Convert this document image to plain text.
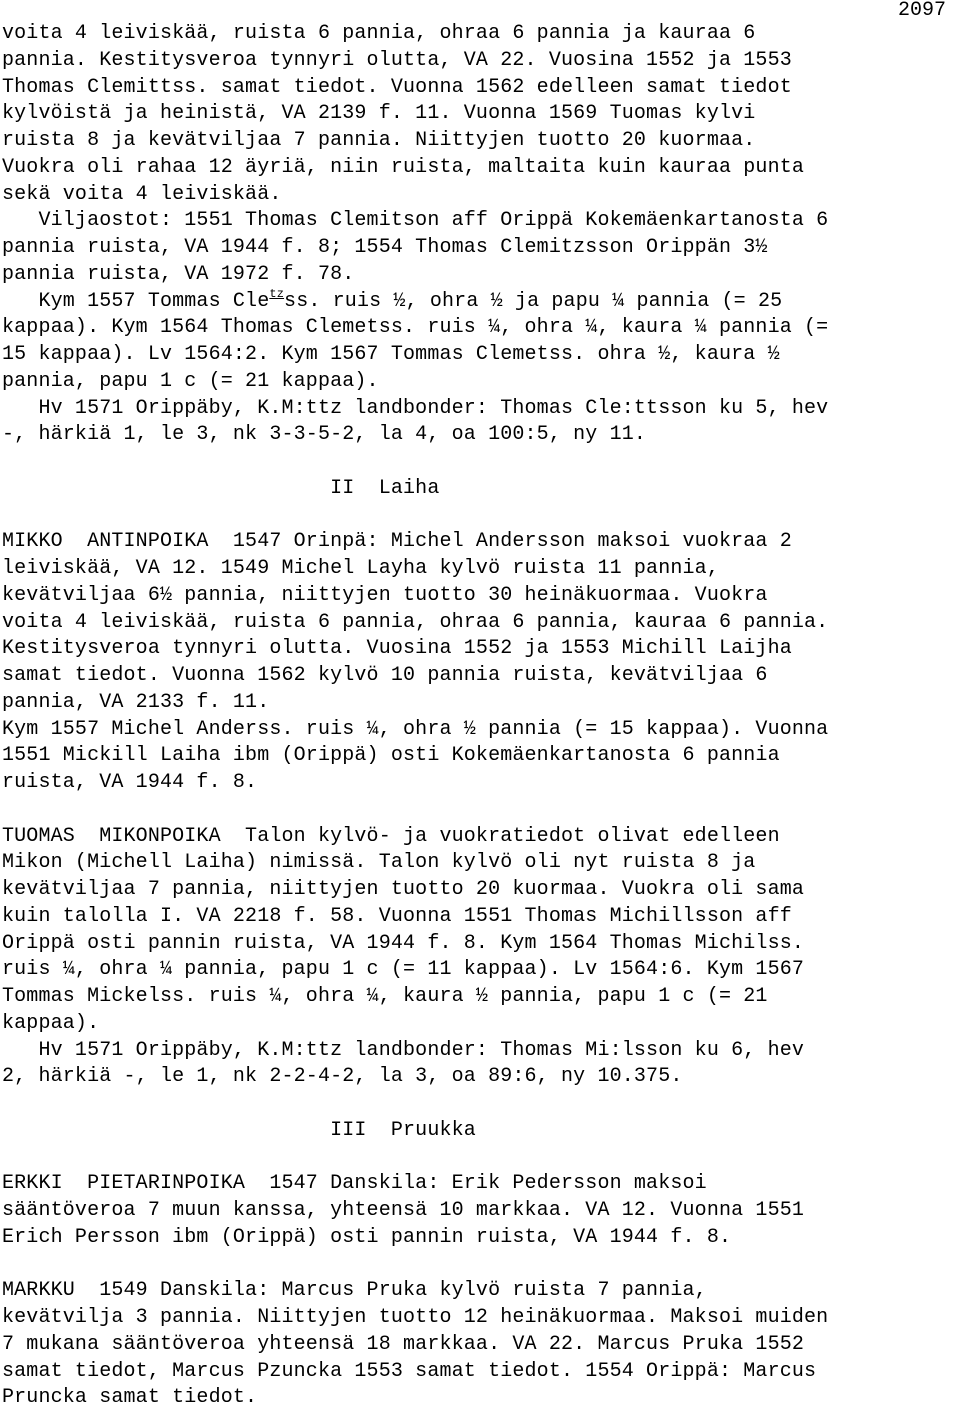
2097
voita 4 leiviskää, ruista 6 pannia, ohraa 6 pannia ja kauraa 6
pannia. Kestitysveroa tynnyri olutta, VA 22. Vuosina 1552 ja 1553
Thomas Clemittss. samat tiedot. Vuonna 1562 edelleen samat tiedot
kylvöistä ja heinistä, VA 2139 f. 11. Vuonna 1569 Tuomas kylvi
ruista 8 ja kevätviljaa 7 pannia. Niittyjen tuotto 20 kuormaa.
Vuokra oli rahaa 12 äyriä, niin ruista, maltaita kuin kauraa punta
sekä voita 4 leiviskää.
Viljaostot: 1551 Thomas Clemitson aff Orippä Kokemäenkartanosta 6
pannia ruista, VA 1944 f. 8; 1554 Thomas Clemitzsson Orippän 3½
pannia ruista, VA 1972 f. 78.
Kym 1557 Tommas Cle$^{tz}$ss. ruis ½, ohra ½ ja papu ¼ pannia (= 25
kappaa). Kym 1564 Thomas Clemetss. ruis ¼, ohra ¼, kaura ¼ pannia (=
15 kappaa). Lv 1564:2. Kym 1567 Tommas Clemetss. ohra ½, kaura ½
pannia, papu 1 c (= 21 kappaa).
Hv 1571 Orippäby, K.M:ttz landbonder: Thomas Cle:ttsson ku 5, hev
-, härkiä 1, le 3, nk 3-3-5-2, la 4, oa 100:5, ny 11.
II  Laiha
MIKKO  ANTINPOIKA  1547 Orinpä: Michel Andersson maksoi vuokraa 2
leiviskää, VA 12. 1549 Michel Layha kylvö ruista 11 pannia,
kevätviljaa 6½ pannia, niittyjen tuotto 30 heinäkuormaa. Vuokra
voita 4 leiviskää, ruista 6 pannia, ohraa 6 pannia, kauraa 6 pannia.
Kestitysveroa tynnyri olutta. Vuosina 1552 ja 1553 Michill Laijha
samat tiedot. Vuonna 1562 kylvö 10 pannia ruista, kevätviljaa 6
pannia, VA 2133 f. 11.
Kym 1557 Michel Anderss. ruis ¼, ohra ½ pannia (= 15 kappaa). Vuonna
1551 Mickill Laiha ibm (Orippä) osti Kokemäenkartanosta 6 pannia
ruista, VA 1944 f. 8.
TUOMAS  MIKONPOIKA  Talon kylvö- ja vuokratiedot olivat edelleen
Mikon (Michell Laiha) nimissä. Talon kylvö oli nyt ruista 8 ja
kevätviljaa 7 pannia, niittyjen tuotto 20 kuormaa. Vuokra oli sama
kuin talolla I. VA 2218 f. 58. Vuonna 1551 Thomas Michillsson aff
Orippä osti pannin ruista, VA 1944 f. 8. Kym 1564 Thomas Michilss.
ruis ¼, ohra ¼ pannia, papu 1 c (= 11 kappaa). Lv 1564:6. Kym 1567
Tommas Mickelss. ruis ¼, ohra ¼, kaura ½ pannia, papu 1 c (= 21
kappaa).
Hv 1571 Orippäby, K.M:ttz landbonder: Thomas Mi:lsson ku 6, hev
2, härkiä -, le 1, nk 2-2-4-2, la 3, oa 89:6, ny 10.375.
III  Pruukka
ERKKI  PIETARINPOIKA  1547 Danskila: Erik Pedersson maksoi
sääntöveroa 7 muun kanssa, yhteensä 10 markkaa. VA 12. Vuonna 1551
Erich Persson ibm (Orippä) osti pannin ruista, VA 1944 f. 8.
MARKKU  1549 Danskila: Marcus Pruka kylvö ruista 7 pannia,
kevätvilja 3 pannia. Niittyjen tuotto 12 heinäkuormaa. Maksoi muiden
7 mukana sääntöveroa yhteensä 18 markkaa. VA 22. Marcus Pruka 1552
samat tiedot, Marcus Pzuncka 1553 samat tiedot. 1554 Orippä: Marcus
Pruncka samat tiedot.
